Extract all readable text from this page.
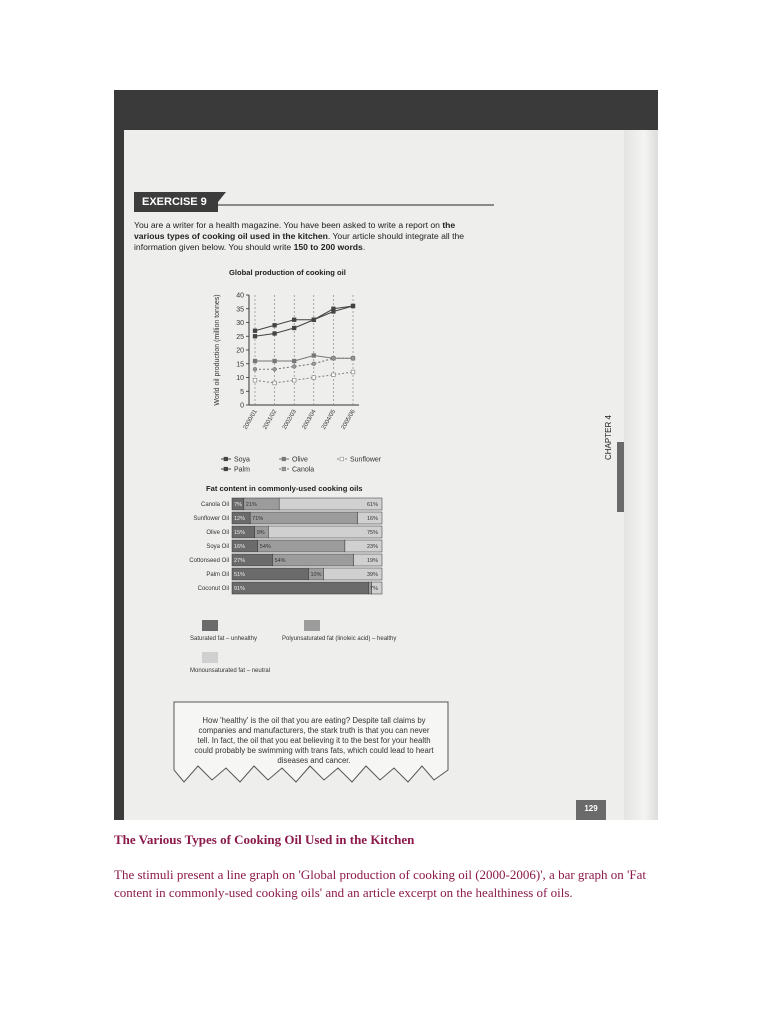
EXERCISE 9
You are a writer for a health magazine. You have been asked to write a report on the various types of cooking oil used in the kitchen. Your article should integrate all the information given below. You should write 150 to 200 words.
Global production of cooking oil
0
5
10
15
20
25
30
35
40
2000/01 2001/02 2002/03 2003/04 2004/05 2005/06
World oil production (million tonnes)
Soya
Palm
Olive
Canola
Sunflower
Fat content in commonly-used cooking oils
Canola Oil 7% 21%	61%
Sunflower Oil 12% 71%	16%
Olive Oil 15% 9%	75%
Soya Oil 16%	54%	23%
Cottonseed Oil 27%	54%	19%
Palm Oil 51%	10%	39%
Coconut Oil 91%	7%
Saturated fat – unhealthy	Polyunsaturated fat (linoleic acid) – healthy
Monounsaturated fat – neutral
How 'healthy' is the oil that you are eating? Despite tall claims by companies and manufacturers, the stark truth is that you can never tell. In fact, the oil that you eat believing it to the best for your health could probably be swimming with trans fats, which could lead to heart diseases and cancer.
CHAPTER 4
129
The Various Types of Cooking Oil Used in the Kitchen
The stimuli present a line graph on 'Global production of cooking oil (2000-2006)', a bar graph on 'Fat content in commonly-used cooking oils' and an article excerpt on the healthiness of oils.
